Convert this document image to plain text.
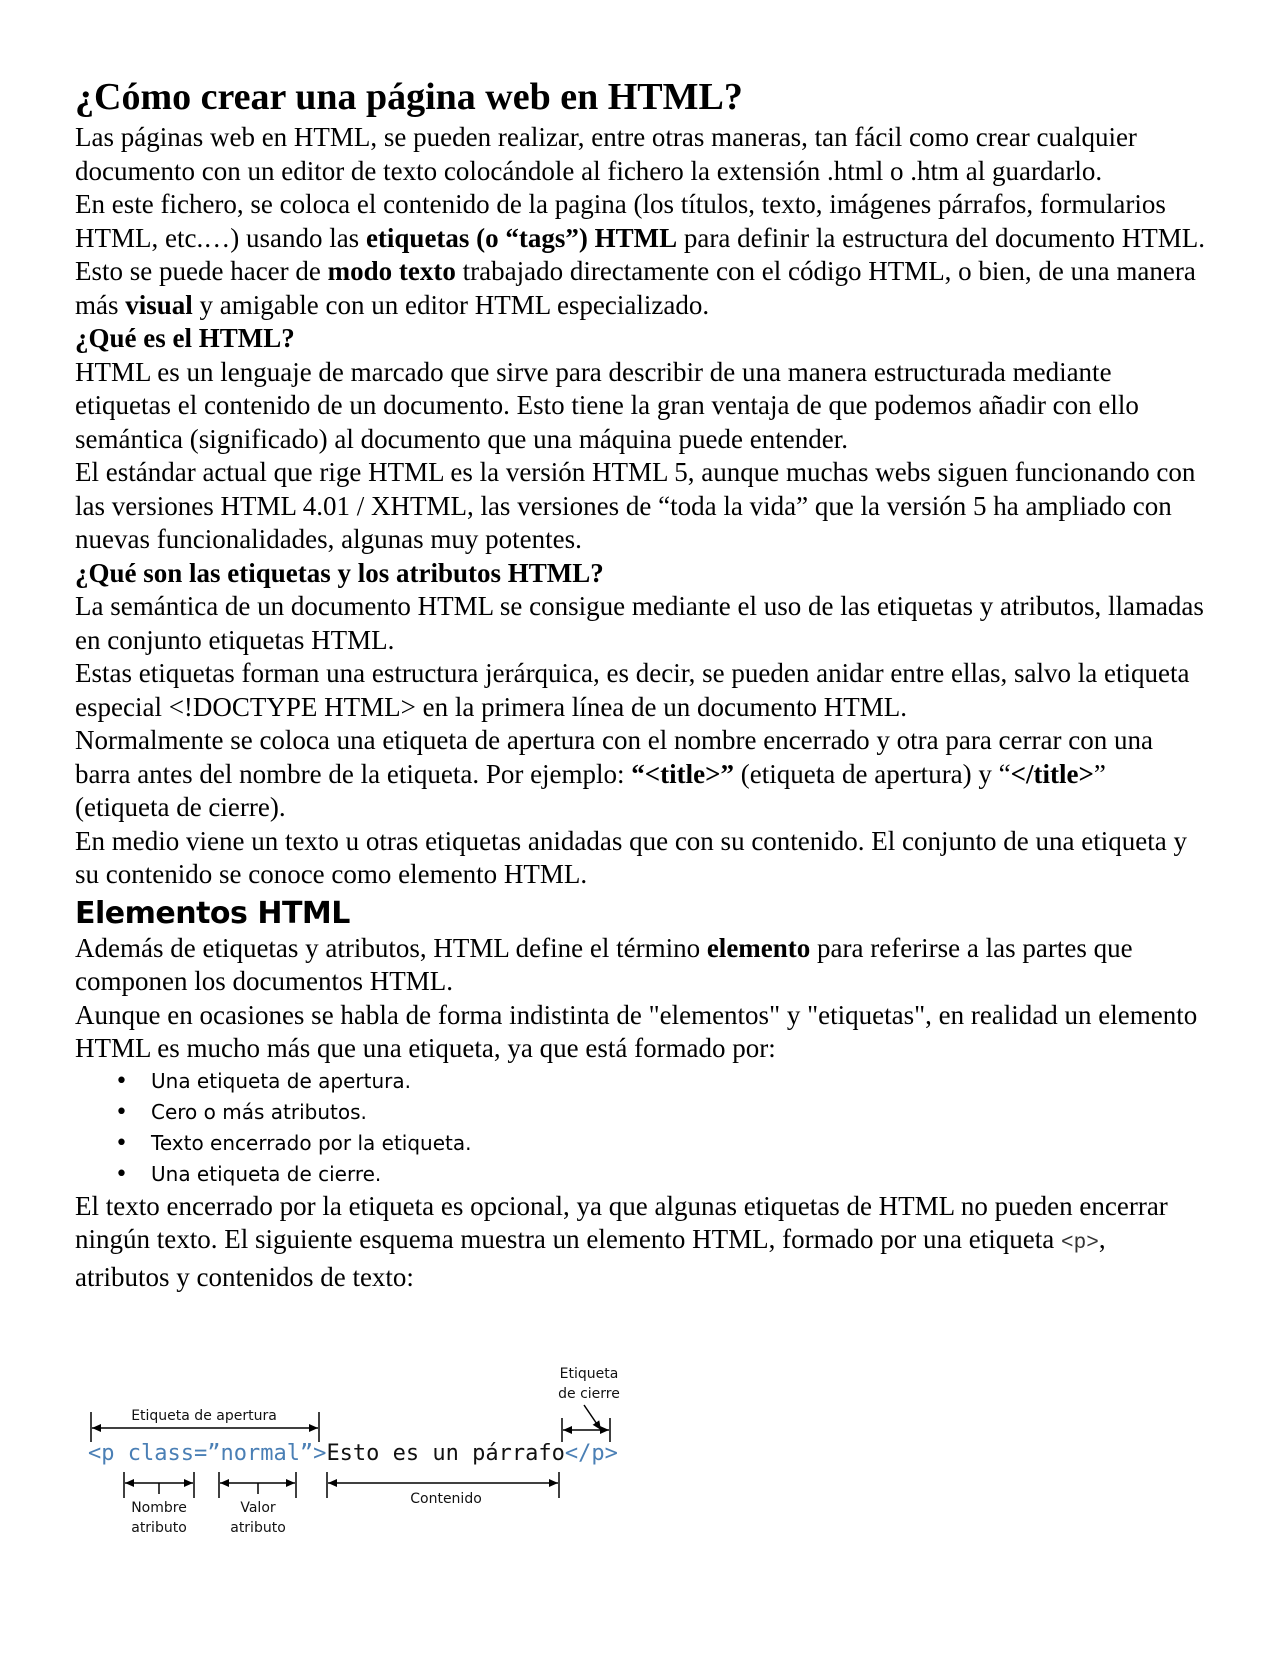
¿Cómo crear una página web en HTML?

Las páginas web en HTML, se pueden realizar, entre otras maneras, tan fácil como crear cualquier documento con un editor de texto colocándole al fichero la extensión .html o .htm al guardarlo.

En este fichero, se coloca el contenido de la pagina (los títulos, texto, imágenes párrafos, formularios HTML, etc.…) usando las etiquetas (o “tags”) HTML para definir la estructura del documento HTML.

Esto se puede hacer de modo texto trabajado directamente con el código HTML, o bien, de una manera más visual y amigable con un editor HTML especializado.

¿Qué es el HTML?

HTML es un lenguaje de marcado que sirve para describir de una manera estructurada mediante etiquetas el contenido de un documento. Esto tiene la gran ventaja de que podemos añadir con ello semántica (significado) al documento que una máquina puede entender.

El estándar actual que rige HTML es la versión HTML 5, aunque muchas webs siguen funcionando con las versiones HTML 4.01 / XHTML, las versiones de “toda la vida” que la versión 5 ha ampliado con nuevas funcionalidades, algunas muy potentes.

¿Qué son las etiquetas y los atributos HTML?

La semántica de un documento HTML se consigue mediante el uso de las etiquetas y atributos, llamadas en conjunto etiquetas HTML.

Estas etiquetas forman una estructura jerárquica, es decir, se pueden anidar entre ellas, salvo la etiqueta especial <!DOCTYPE HTML> en la primera línea de un documento HTML.

Normalmente se coloca una etiqueta de apertura con el nombre encerrado y otra para cerrar con una barra antes del nombre de la etiqueta. Por ejemplo: “<title>” (etiqueta de apertura) y “</title>” (etiqueta de cierre).

En medio viene un texto u otras etiquetas anidadas que con su contenido. El conjunto de una etiqueta y su contenido se conoce como elemento HTML.

Elementos HTML

Además de etiquetas y atributos, HTML define el término elemento para referirse a las partes que componen los documentos HTML.

Aunque en ocasiones se habla de forma indistinta de "elementos" y "etiquetas", en realidad un elemento HTML es mucho más que una etiqueta, ya que está formado por:

• Una etiqueta de apertura.
• Cero o más atributos.
• Texto encerrado por la etiqueta.
• Una etiqueta de cierre.

El texto encerrado por la etiqueta es opcional, ya que algunas etiquetas de HTML no pueden encerrar ningún texto. El siguiente esquema muestra un elemento HTML, formado por una etiqueta <p>, atributos y contenidos de texto:

Etiqueta
de cierre
Etiqueta de apertura
<p class=”normal”>Esto es un párrafo</p>
Nombre
atributo
Valor
atributo
Contenido
